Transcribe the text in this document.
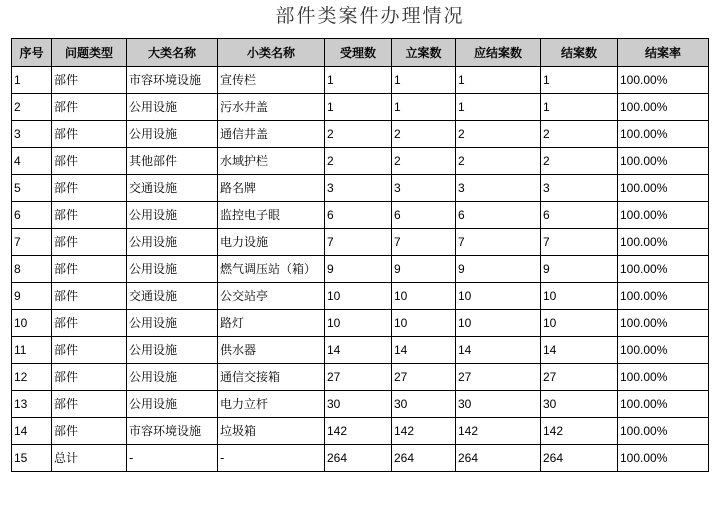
部件类案件办理情况
序号	问题类型	大类名称	小类名称	受理数	立案数	应结案数	结案数	结案率
1	部件	市容环境设施	宣传栏	1	1	1	1	100.00%
2	部件	公用设施	污水井盖	1	1	1	1	100.00%
3	部件	公用设施	通信井盖	2	2	2	2	100.00%
4	部件	其他部件	水域护栏	2	2	2	2	100.00%
5	部件	交通设施	路名牌	3	3	3	3	100.00%
6	部件	公用设施	监控电子眼	6	6	6	6	100.00%
7	部件	公用设施	电力设施	7	7	7	7	100.00%
8	部件	公用设施	燃气调压站（箱）	9	9	9	9	100.00%
9	部件	交通设施	公交站亭	10	10	10	10	100.00%
10	部件	公用设施	路灯	10	10	10	10	100.00%
11	部件	公用设施	供水器	14	14	14	14	100.00%
12	部件	公用设施	通信交接箱	27	27	27	27	100.00%
13	部件	公用设施	电力立杆	30	30	30	30	100.00%
14	部件	市容环境设施	垃圾箱	142	142	142	142	100.00%
15	总计	-	-	264	264	264	264	100.00%
